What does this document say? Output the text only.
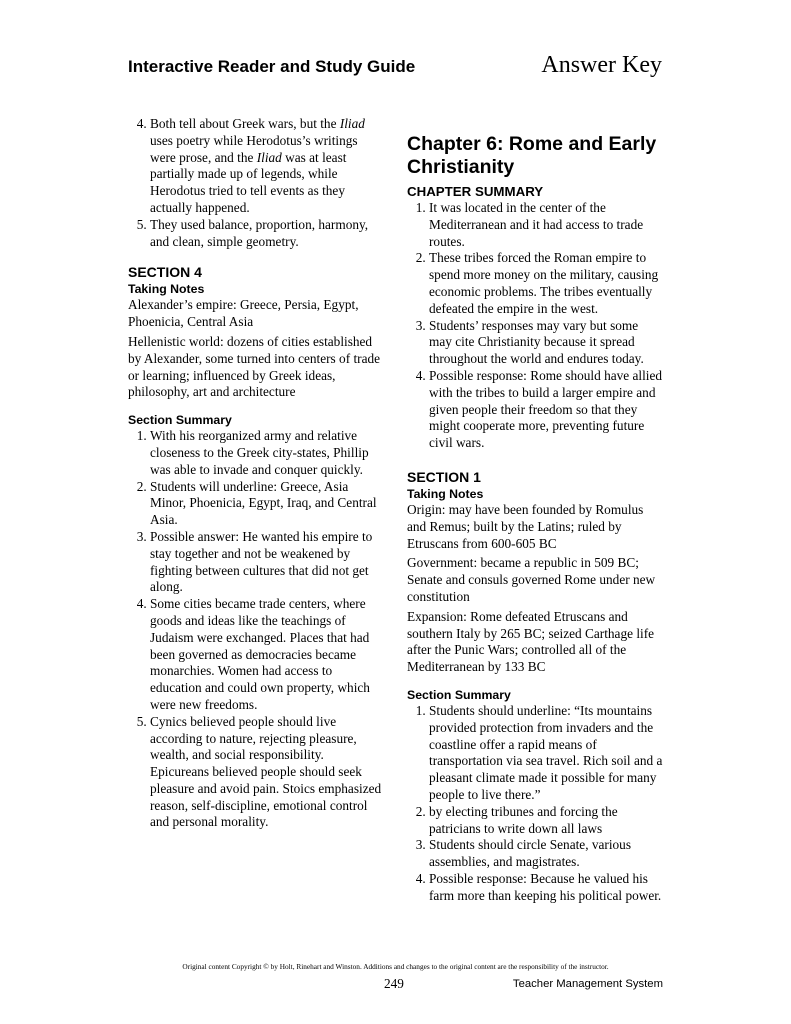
Interactive Reader and Study Guide	Answer Key
4. Both tell about Greek wars, but the Iliad uses poetry while Herodotus’s writings were prose, and the Iliad was at least partially made up of legends, while Herodotus tried to tell events as they actually happened.
5. They used balance, proportion, harmony, and clean, simple geometry.
SECTION 4
Taking Notes

Alexander’s empire: Greece, Persia, Egypt, Phoenicia, Central Asia

Hellenistic world: dozens of cities established by Alexander, some turned into centers of trade or learning; influenced by Greek ideas, philosophy, art and architecture

Section Summary
1. With his reorganized army and relative closeness to the Greek city-states, Phillip was able to invade and conquer quickly.
2. Students will underline: Greece, Asia Minor, Phoenicia, Egypt, Iraq, and Central Asia.
3. Possible answer: He wanted his empire to stay together and not be weakened by fighting between cultures that did not get along.
4. Some cities became trade centers, where goods and ideas like the teachings of Judaism were exchanged. Places that had been governed as democracies became monarchies. Women had access to education and could own property, which were new freedoms.
5. Cynics believed people should live according to nature, rejecting pleasure, wealth, and social responsibility. Epicureans believed people should seek pleasure and avoid pain. Stoics emphasized reason, self-discipline, emotional control and personal morality.
Chapter 6: Rome and Early Christianity
CHAPTER SUMMARY
1. It was located in the center of the Mediterranean and it had access to trade routes.
2. These tribes forced the Roman empire to spend more money on the military, causing economic problems. The tribes eventually defeated the empire in the west.
3. Students’ responses may vary but some may cite Christianity because it spread throughout the world and endures today.
4. Possible response: Rome should have allied with the tribes to build a larger empire and given people their freedom so that they might cooperate more, preventing future civil wars.
SECTION 1
Taking Notes

Origin: may have been founded by Romulus and Remus; built by the Latins; ruled by Etruscans from 600-605 BC

Government: became a republic in 509 BC; Senate and consuls governed Rome under new constitution

Expansion: Rome defeated Etruscans and southern Italy by 265 BC; seized Carthage life after the Punic Wars; controlled all of the Mediterranean by 133 BC

Section Summary
1. Students should underline: “Its mountains provided protection from invaders and the coastline offer a rapid means of transportation via sea travel. Rich soil and a pleasant climate made it possible for many people to live there.”
2. by electing tribunes and forcing the patricians to write down all laws
3. Students should circle Senate, various assemblies, and magistrates.
4. Possible response: Because he valued his farm more than keeping his political power.
Original content Copyright © by Holt, Rinehart and Winston. Additions and changes to the original content are the responsibility of the instructor.
249	Teacher Management System
